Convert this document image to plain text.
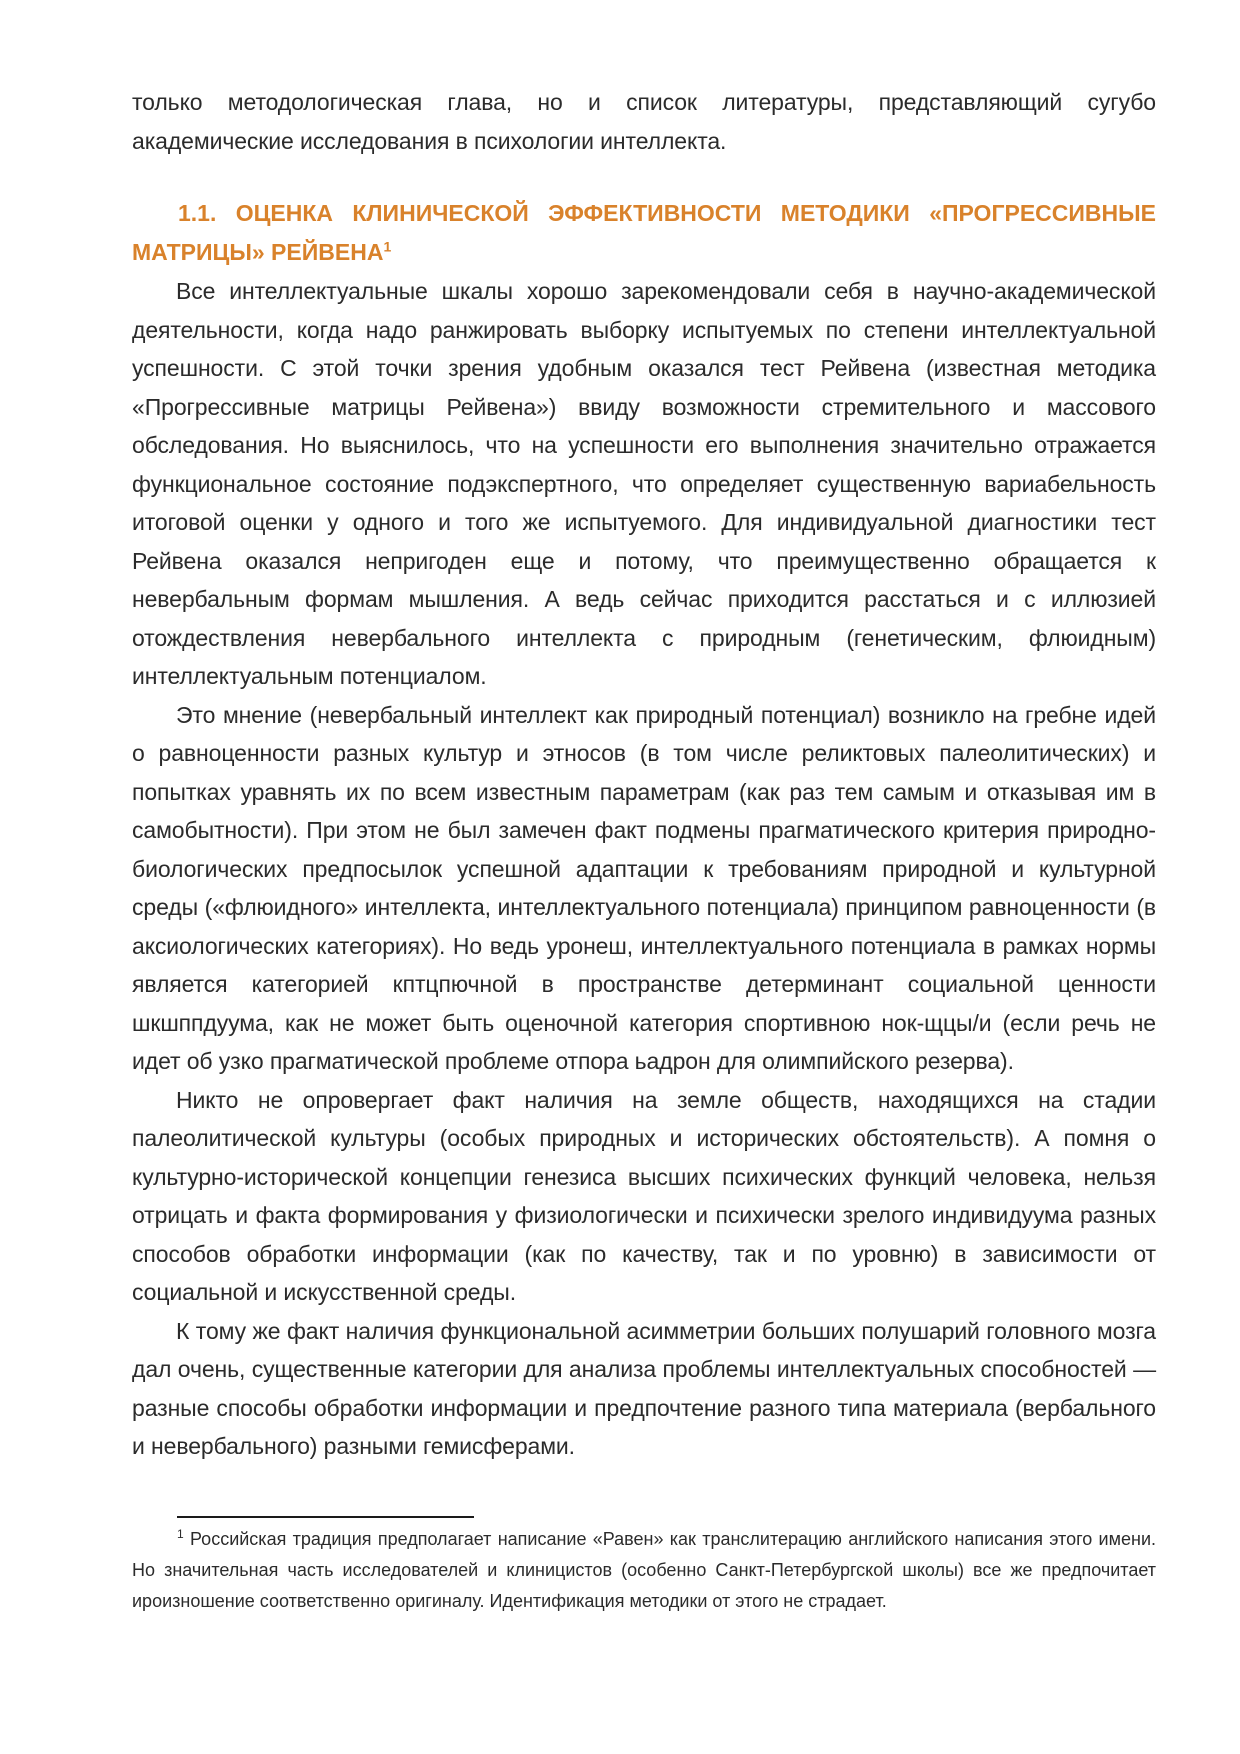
только методологическая глава, но и список литературы, представляющий сугубо академические исследования в психологии интеллекта.

1.1. ОЦЕНКА КЛИНИЧЕСКОЙ ЭФФЕКТИВНОСТИ МЕТОДИКИ «ПРОГРЕССИВНЫЕ МАТРИЦЫ» РЕЙВЕНА$^1$

Все интеллектуальные шкалы хорошо зарекомендовали себя в научно-академической деятельности, когда надо ранжировать выборку испытуемых по степени интеллектуальной успешности. С этой точки зрения удобным оказался тест Рейвена (известная методика «Прогрессивные матрицы Рейвена») ввиду возможности стремительного и массового обследования. Но выяснилось, что на успешности его выполнения значительно отражается функциональное состояние подэкспертного, что определяет существенную вариабельность итоговой оценки у одного и того же испытуемого. Для индивидуальной диагностики тест Рейвена оказался непригоден еще и потому, что преимущественно обращается к невербальным формам мышления. А ведь сейчас приходится расстаться и с иллюзией отождествления невербального интеллекта с природным (генетическим, флюидным) интеллектуальным потенциалом.

Это мнение (невербальный интеллект как природный потенциал) возникло на гребне идей о равноценности разных культур и этносов (в том числе реликтовых палеолитических) и попытках уравнять их по всем известным параметрам (как раз тем самым и отказывая им в самобытности). При этом не был замечен факт подмены прагматического критерия природно-биологических предпосылок успешной адаптации к требованиям природной и культурной среды («флюидного» интеллекта, интеллектуального потенциала) принципом равноценности (в аксиологических категориях). Но ведь уронеш, интеллектуального потенциала в рамках нормы является категорией кптцпючной в пространстве детерминант социальной ценности шкшппдуума, как не может быть оценочной категория спортивною нок-щцы/и (если речь не идет об узко прагматической проблеме отпора ьадрон для олимпийского резерва).

Никто не опровергает факт наличия на земле обществ, находящихся на стадии палеолитической культуры (особых природных и исторических обстоятельств). А помня о культурно-исторической концепции генезиса высших психических функций человека, нельзя отрицать и факта формирования у физиологически и психически зрелого индивидуума разных способов обработки информации (как по качеству, так и по уровню) в зависимости от социальной и искусственной среды.

К тому же факт наличия функциональной асимметрии больших полушарий головного мозга дал очень, существенные категории для анализа проблемы интеллектуальных способностей — разные способы обработки информации и предпочтение разного типа материала (вербального и невербального) разными гемисферами.

$^1$ Российская традиция предполагает написание «Равен» как транслитерацию английского написания этого имени. Но значительная часть исследователей и клиницистов (особенно Санкт-Петербургской школы) все же предпочитает ироизношение соответственно оригиналу. Идентификация методики от этого не страдает.
